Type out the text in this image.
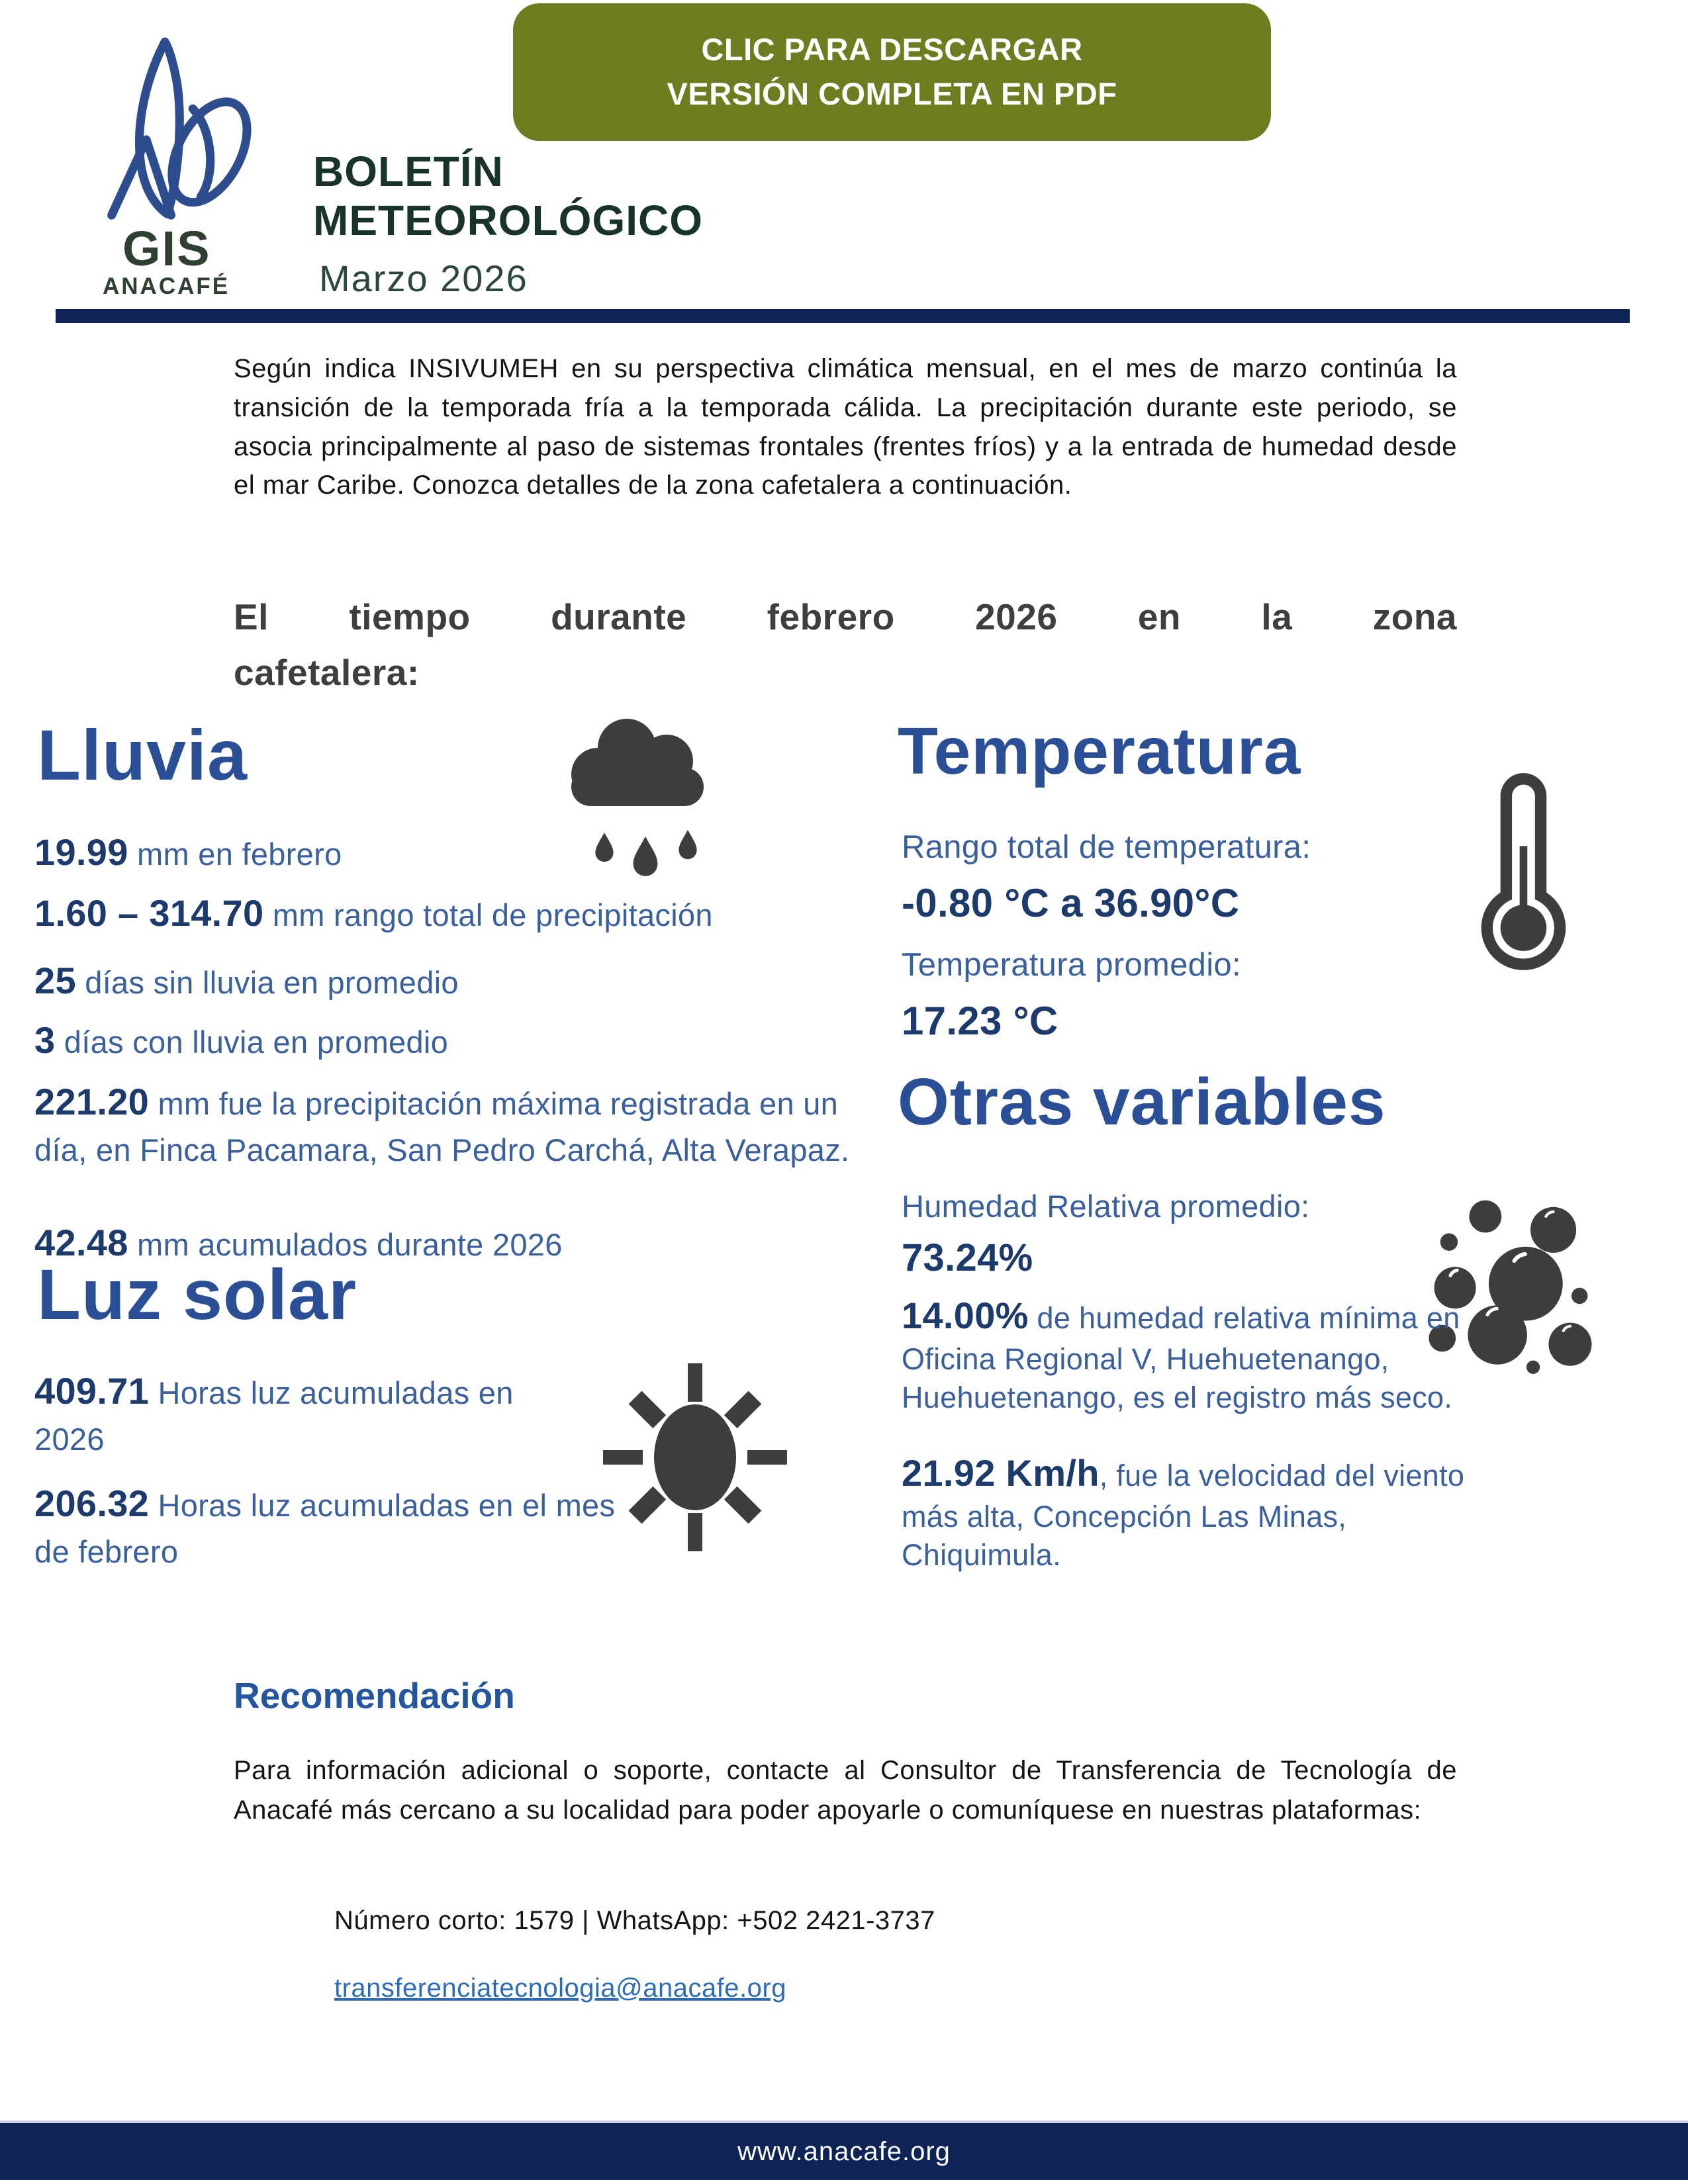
GIS
ANACAFÉ
CLIC PARA DESCARGAR
VERSIÓN COMPLETA EN PDF
BOLETÍN
METEOROLÓGICO
Marzo 2026
Según indica INSIVUMEH en su perspectiva climática mensual, en el mes de marzo continúa la transición de la temporada fría a la temporada cálida. La precipitación durante este periodo, se asocia principalmente al paso de sistemas frontales (frentes fríos) y a la entrada de humedad desde el mar Caribe. Conozca detalles de la zona cafetalera a continuación.
El tiempo durante febrero 2026 en la zona
cafetalera:
Lluvia
19.99 mm en febrero
1.60 – 314.70 mm rango total de precipitación
25 días sin lluvia en promedio
3 días con lluvia en promedio
221.20 mm fue la precipitación máxima registrada en un día, en Finca Pacamara, San Pedro Carchá, Alta Verapaz.
42.48 mm acumulados durante 2026
Luz solar
409.71 Horas luz acumuladas en 2026
206.32 Horas luz acumuladas en el mes de febrero
Temperatura
Rango total de temperatura:
-0.80 °C a 36.90°C
Temperatura promedio:
17.23 °C
Otras variables
Humedad Relativa promedio:
73.24%
14.00% de humedad relativa mínima en Oficina Regional V, Huehuetenango, Huehuetenango, es el registro más seco.
21.92 Km/h, fue la velocidad del viento más alta, Concepción Las Minas, Chiquimula.
Recomendación
Para información adicional o soporte, contacte al Consultor de Transferencia de Tecnología de Anacafé más cercano a su localidad para poder apoyarle o comuníquese en nuestras plataformas:
Número corto: 1579 | WhatsApp: +502 2421-3737
transferenciatecnologia@anacafe.org
www.anacafe.org
